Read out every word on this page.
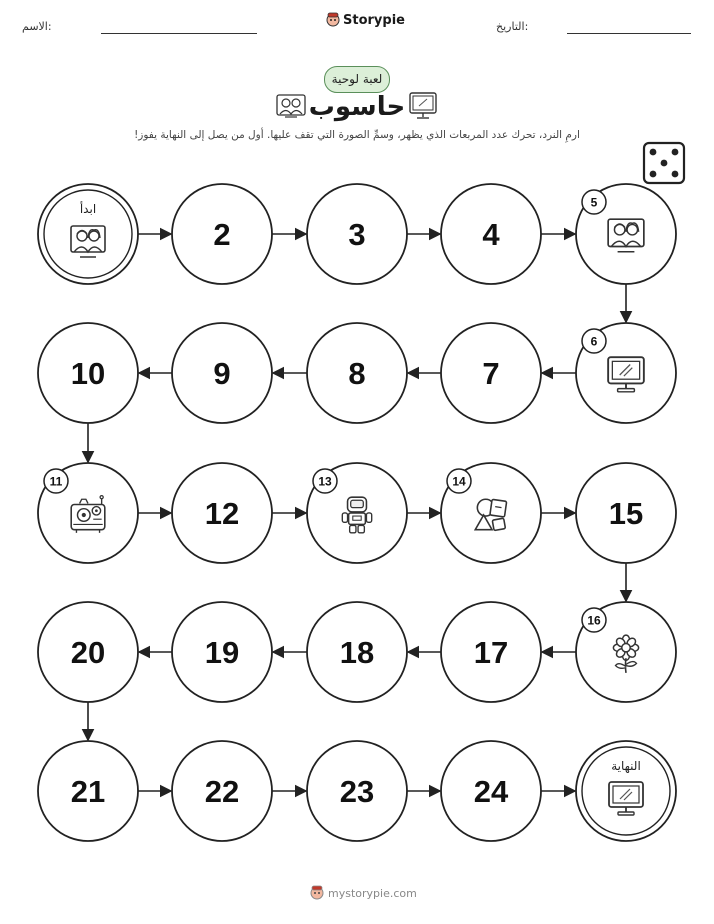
الاسم:	Storypie	التاريخ:
لعبة لوحية
حاسوب
ارمِ النرد، تحرك عدد المربعات الذي يظهر، وسمِّ الصورة التي تقف عليها. أول من يصل إلى النهاية يفوز!
ابدأ
2	3	4
5
6
7
8
9
10
11
12
13	14
15
16
17
18
19
20
21	22	23	24
النهاية
mystorypie.com
